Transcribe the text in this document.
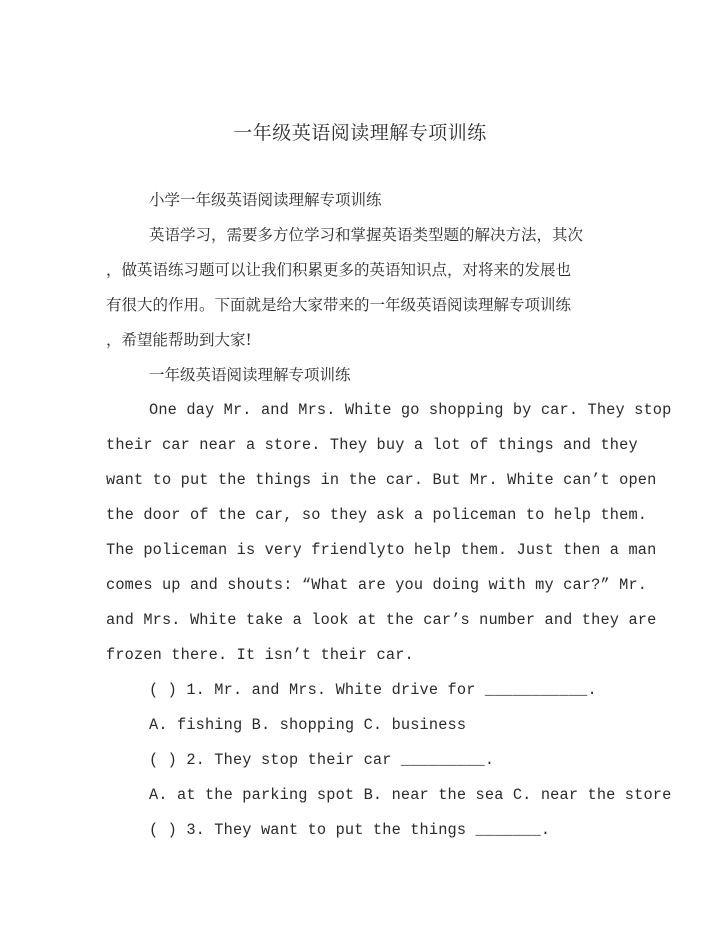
一年级英语阅读理解专项训练
小学一年级英语阅读理解专项训练
英语学习，需要多方位学习和掌握英语类型题的解决方法，其次
，做英语练习题可以让我们积累更多的英语知识点，对将来的发展也
有很大的作用。下面就是给大家带来的一年级英语阅读理解专项训练
，希望能帮助到大家!
一年级英语阅读理解专项训练
One day Mr. and Mrs. White go shopping by car. They stop
their car near a store. They buy a lot of things and they
want to put the things in the car. But Mr. White can’t open
the door of the car, so they ask a policeman to help them.
The policeman is very friendlyto help them. Just then a man
comes up and shouts: “What are you doing with my car?” Mr.
and Mrs. White take a look at the car’s number and they are
frozen there. It isn’t their car.
( ) 1. Mr. and Mrs. White drive for ___________.
A. fishing B. shopping C. business
( ) 2. They stop their car _________.
A. at the parking spot B. near the sea C. near the store
( ) 3. They want to put the things _______.
